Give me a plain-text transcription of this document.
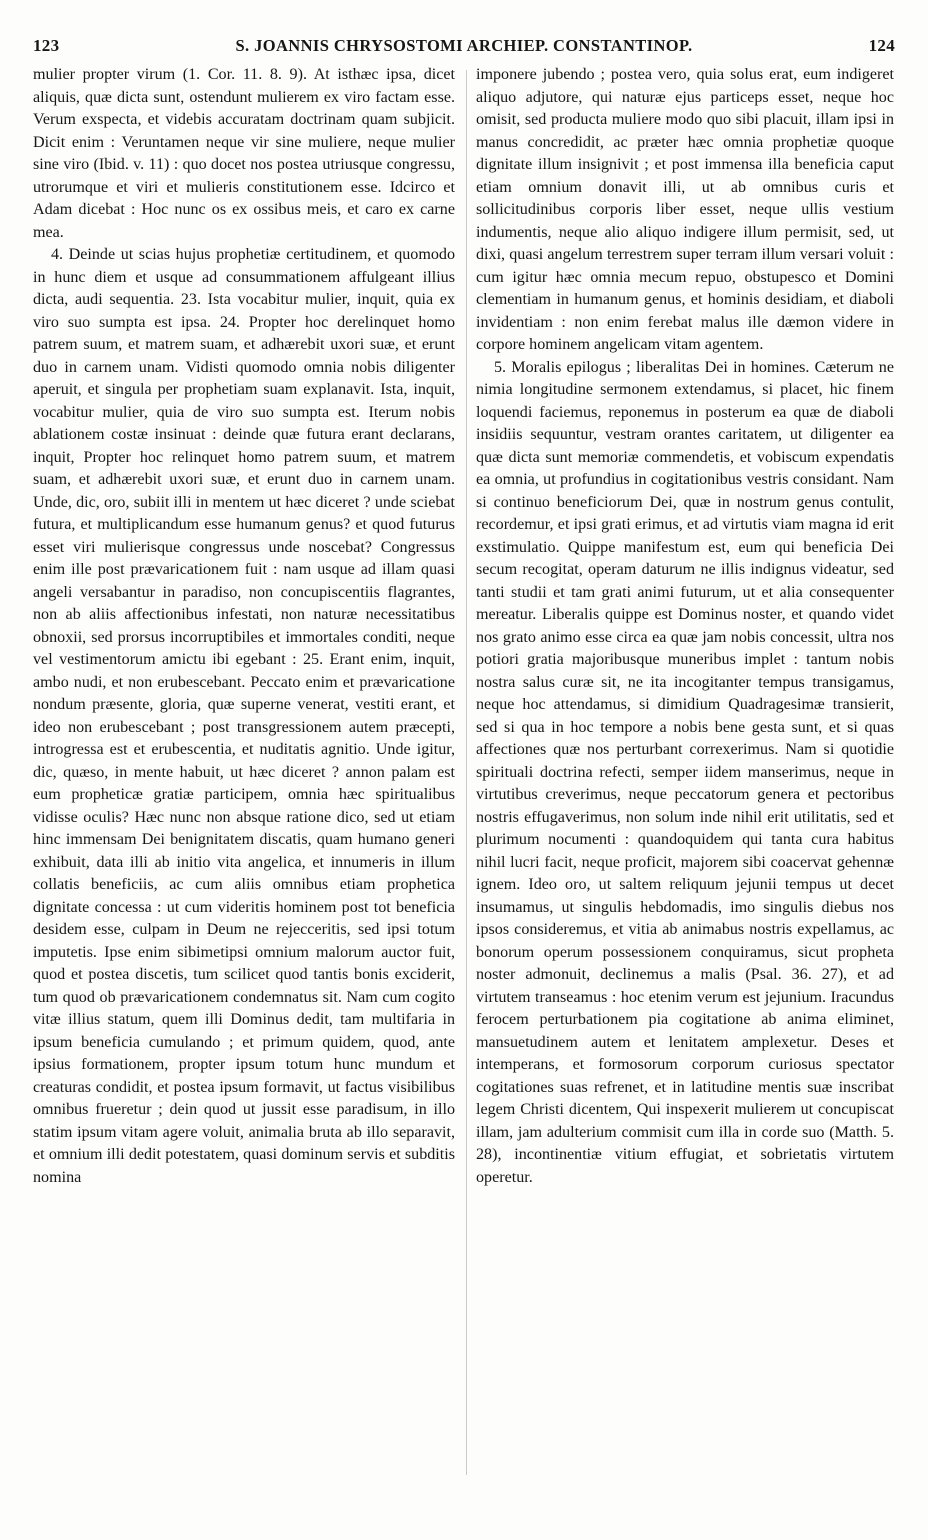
123	S. JOANNIS CHRYSOSTOMI ARCHIEP. CONSTANTINOP.	124

mulier propter virum (1. Cor. 11. 8. 9). At isthæc ipsa, dicet aliquis, quæ dicta sunt, ostendunt mulierem ex viro factam esse. Verum exspecta, et videbis accuratam doctrinam quam subjicit. Dicit enim : Veruntamen neque vir sine muliere, neque mulier sine viro (Ibid. v. 11) : quo docet nos postea utriusque congressu, utrorumque et viri et mulieris constitutionem esse. Idcirco et Adam dicebat : Hoc nunc os ex ossibus meis, et caro ex carne mea.

4. Deinde ut scias hujus prophetiæ certitudinem, et quomodo in hunc diem et usque ad consummationem affulgeant illius dicta, audi sequentia. 23. Ista vocabitur mulier, inquit, quia ex viro suo sumpta est ipsa. 24. Propter hoc derelinquet homo patrem suum, et matrem suam, et adhærebit uxori suæ, et erunt duo in carnem unam. Vidisti quomodo omnia nobis diligenter aperuit, et singula per prophetiam suam explanavit. Ista, inquit, vocabitur mulier, quia de viro suo sumpta est. Iterum nobis ablationem costæ insinuat : deinde quæ futura erant declarans, inquit, Propter hoc relinquet homo patrem suum, et matrem suam, et adhærebit uxori suæ, et erunt duo in carnem unam. Unde, dic, oro, subiit illi in mentem ut hæc diceret ? unde sciebat futura, et multiplicandum esse humanum genus? et quod futurus esset viri mulierisque congressus unde noscebat? Congressus enim ille post prævaricationem fuit : nam usque ad illam quasi angeli versabantur in paradiso, non concupiscentiis flagrantes, non ab aliis affectionibus infestati, non naturæ necessitatibus obnoxii, sed prorsus incorruptibiles et immortales conditi, neque vel vestimentorum amictu ibi egebant : 25. Erant enim, inquit, ambo nudi, et non erubescebant. Peccato enim et prævaricatione nondum præsente, gloria, quæ superne venerat, vestiti erant, et ideo non erubescebant ; post transgressionem autem præcepti, introgressa est et erubescentia, et nuditatis agnitio. Unde igitur, dic, quæso, in mente habuit, ut hæc diceret ? annon palam est eum propheticæ gratiæ participem, omnia hæc spiritualibus vidisse oculis? Hæc nunc non absque ratione dico, sed ut etiam hinc immensam Dei benignitatem discatis, quam humano generi exhibuit, data illi ab initio vita angelica, et innumeris in illum collatis beneficiis, ac cum aliis omnibus etiam prophetica dignitate concessa : ut cum videritis hominem post tot beneficia desidem esse, culpam in Deum ne rejecceritis, sed ipsi totum imputetis. Ipse enim sibimetipsi omnium malorum auctor fuit, quod et postea discetis, tum scilicet quod tantis bonis exciderit, tum quod ob prævaricationem condemnatus sit. Nam cum cogito vitæ illius statum, quem illi Dominus dedit, tam multifaria in ipsum beneficia cumulando ; et primum quidem, quod, ante ipsius formationem, propter ipsum totum hunc mundum et creaturas condidit, et postea ipsum formavit, ut factus visibilibus omnibus frueretur ; dein quod ut jussit esse paradisum, in illo statim ipsum vitam agere voluit, animalia bruta ab illo separavit, et omnium illi dedit potestatem, quasi dominum servis et subditis nomina

imponere jubendo ; postea vero, quia solus erat, eum indigeret aliquo adjutore, qui naturæ ejus particeps esset, neque hoc omisit, sed producta muliere modo quo sibi placuit, illam ipsi in manus concredidit, ac præter hæc omnia prophetiæ quoque dignitate illum insignivit ; et post immensa illa beneficia caput etiam omnium donavit illi, ut ab omnibus curis et sollicitudinibus corporis liber esset, neque ullis vestium indumentis, neque alio aliquo indigere illum permisit, sed, ut dixi, quasi angelum terrestrem super terram illum versari voluit : cum igitur hæc omnia mecum repuo, obstupesco et Domini clementiam in humanum genus, et hominis desidiam, et diaboli invidentiam : non enim ferebat malus ille dæmon videre in corpore hominem angelicam vitam agentem.

5. Moralis epilogus ; liberalitas Dei in homines. Cæterum ne nimia longitudine sermonem extendamus, si placet, hic finem loquendi faciemus, reponemus in posterum ea quæ de diaboli insidiis sequuntur, vestram orantes caritatem, ut diligenter ea quæ dicta sunt memoriæ commendetis, et vobiscum expendatis ea omnia, ut profundius in cogitationibus vestris considant. Nam si continuo beneficiorum Dei, quæ in nostrum genus contulit, recordemur, et ipsi grati erimus, et ad virtutis viam magna id erit exstimulatio. Quippe manifestum est, eum qui beneficia Dei secum recogitat, operam daturum ne illis indignus videatur, sed tanti studii et tam grati animi futurum, ut et alia consequenter mereatur. Liberalis quippe est Dominus noster, et quando videt nos grato animo esse circa ea quæ jam nobis concessit, ultra nos potiori gratia majoribusque muneribus implet : tantum nobis nostra salus curæ sit, ne ita incogitanter tempus transigamus, neque hoc attendamus, si dimidium Quadragesimæ transierit, sed si qua in hoc tempore a nobis bene gesta sunt, et si quas affectiones quæ nos perturbant correxerimus. Nam si quotidie spirituali doctrina refecti, semper iidem manserimus, neque in virtutibus creverimus, neque peccatorum genera et pectoribus nostris effugaverimus, non solum inde nihil erit utilitatis, sed et plurimum nocumenti : quandoquidem qui tanta cura habitus nihil lucri facit, neque proficit, majorem sibi coacervat gehennæ ignem. Ideo oro, ut saltem reliquum jejunii tempus ut decet insumamus, ut singulis hebdomadis, imo singulis diebus nos ipsos consideremus, et vitia ab animabus nostris expellamus, ac bonorum operum possessionem conquiramus, sicut propheta noster admonuit, declinemus a malis (Psal. 36. 27), et ad virtutem transeamus : hoc etenim verum est jejunium. Iracundus ferocem perturbationem pia cogitatione ab anima eliminet, mansuetudinem autem et lenitatem amplexetur. Deses et intemperans, et formosorum corporum curiosus spectator cogitationes suas refrenet, et in latitudine mentis suæ inscribat legem Christi dicentem, Qui inspexerit mulierem ut concupiscat illam, jam adulterium commisit cum illa in corde suo (Matth. 5. 28), incontinentiæ vitium effugiat, et sobrietatis virtutem operetur.
